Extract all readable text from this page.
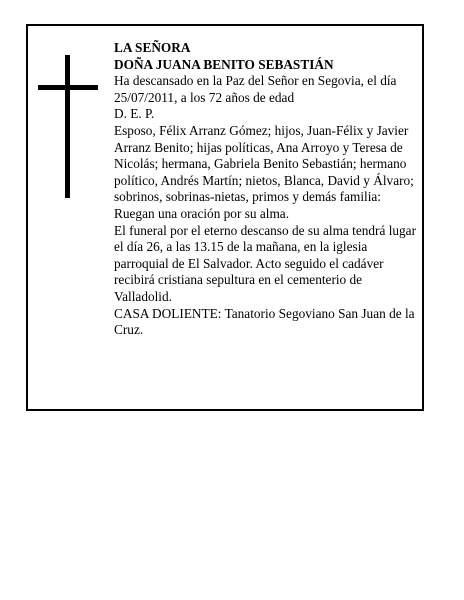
LA SEÑORA

DOÑA JUANA BENITO SEBASTIÁN

Ha descansado en la Paz del Señor en Segovia, el día 25/07/2011, a los 72 años de edad

D. E. P.

Esposo, Félix Arranz Gómez; hijos, Juan-Félix y Javier Arranz Benito; hijas políticas, Ana Arroyo y Teresa de Nicolás; hermana, Gabriela Benito Sebastián; hermano político, Andrés Martín; nietos, Blanca, David y Álvaro; sobrinos, sobrinas-nietas, primos y demás familia:

Ruegan una oración por su alma.

El funeral por el eterno descanso de su alma tendrá lugar el día 26, a las 13.15 de la mañana, en la iglesia parroquial de El Salvador. Acto seguido el cadáver recibirá cristiana sepultura en el cementerio de Valladolid.

CASA DOLIENTE: Tanatorio Segoviano San Juan de la Cruz.
